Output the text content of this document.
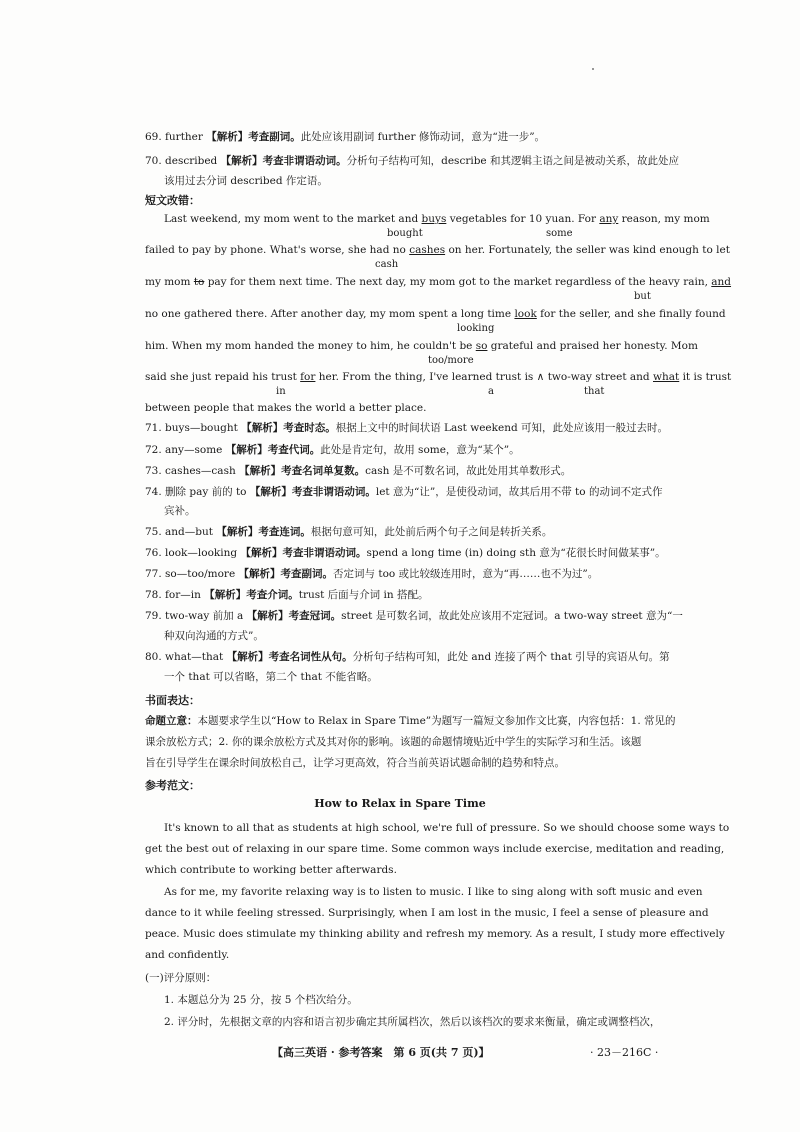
69. further 【解析】考查副词。此处应该用副词 further 修饰动词，意为“进一步”。
70. described 【解析】考查非谓语动词。分析句子结构可知，describe 和其逻辑主语之间是被动关系，故此处应
该用过去分词 described 作定语。
短文改错：
Last weekend, my mom went to the market and buys vegetables for 10 yuan. For any reason, my mom
bought	some
failed to pay by phone. What's worse, she had no cashes on her. Fortunately, the seller was kind enough to let
cash
my mom to pay for them next time. The next day, my mom got to the market regardless of the heavy rain, and
but
no one gathered there. After another day, my mom spent a long time look for the seller, and she finally found
looking
him. When my mom handed the money to him, he couldn't be so grateful and praised her honesty. Mom
too/more
said she just repaid his trust for her. From the thing, I've learned trust is ∧ two-way street and what it is trust
in	a	that
between people that makes the world a better place.
71. buys—bought 【解析】考查时态。根据上文中的时间状语 Last weekend 可知，此处应该用一般过去时。
72. any—some 【解析】考查代词。此处是肯定句，故用 some，意为“某个”。
73. cashes—cash 【解析】考查名词单复数。cash 是不可数名词，故此处用其单数形式。
74. 删除 pay 前的 to 【解析】考查非谓语动词。let 意为“让”，是使役动词，故其后用不带 to 的动词不定式作
宾补。
75. and—but 【解析】考查连词。根据句意可知，此处前后两个句子之间是转折关系。
76. look—looking 【解析】考查非谓语动词。spend a long time (in) doing sth 意为“花很长时间做某事”。
77. so—too/more 【解析】考查副词。否定词与 too 或比较级连用时，意为“再……也不为过”。
78. for—in 【解析】考查介词。trust 后面与介词 in 搭配。
79. two-way 前加 a 【解析】考查冠词。street 是可数名词，故此处应该用不定冠词。a two-way street 意为“一
种双向沟通的方式”。
80. what—that 【解析】考查名词性从句。分析句子结构可知，此处 and 连接了两个 that 引导的宾语从句。第
一个 that 可以省略，第二个 that 不能省略。
书面表达：
命题立意：本题要求学生以“How to Relax in Spare Time”为题写一篇短文参加作文比赛，内容包括：1. 常见的
课余放松方式；2. 你的课余放松方式及其对你的影响。该题的命题情境贴近中学生的实际学习和生活。该题
旨在引导学生在课余时间放松自己，让学习更高效，符合当前英语试题命制的趋势和特点。
参考范文：
How to Relax in Spare Time
It's known to all that as students at high school, we're full of pressure. So we should choose some ways to
get the best out of relaxing in our spare time. Some common ways include exercise, meditation and reading,
which contribute to working better afterwards.
As for me, my favorite relaxing way is to listen to music. I like to sing along with soft music and even
dance to it while feeling stressed. Surprisingly, when I am lost in the music, I feel a sense of pleasure and
peace. Music does stimulate my thinking ability and refresh my memory. As a result, I study more effectively
and confidently.
(一)评分原则：
1. 本题总分为 25 分，按 5 个档次给分。
2. 评分时，先根据文章的内容和语言初步确定其所属档次，然后以该档次的要求来衡量，确定或调整档次，
【高三英语 · 参考答案　第 6 页(共 7 页)】	· 23－216C ·
